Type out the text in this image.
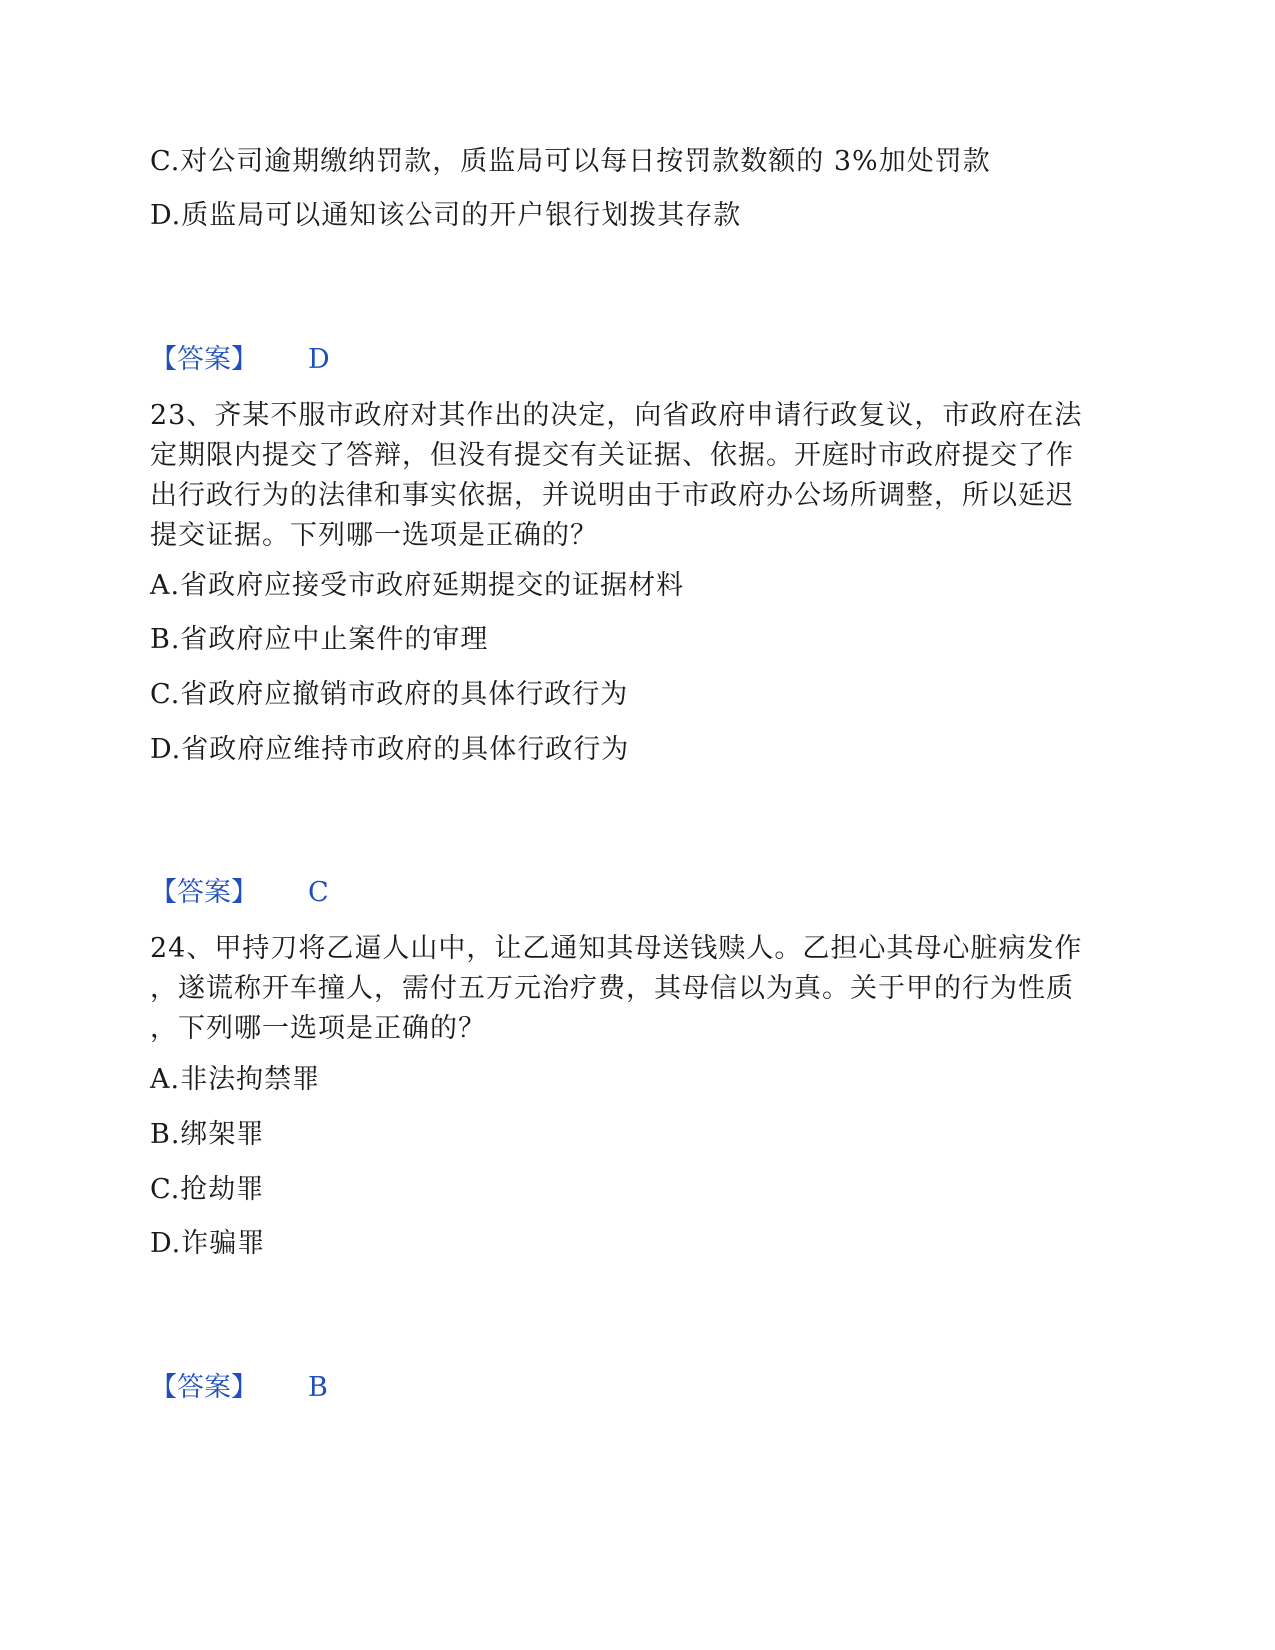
C.对公司逾期缴纳罚款，质监局可以每日按罚款数额的 3%加处罚款
D.质监局可以通知该公司的开户银行划拨其存款
【答案】 D
23、齐某不服市政府对其作出的决定，向省政府申请行政复议，市政府在法
定期限内提交了答辩，但没有提交有关证据、依据。开庭时市政府提交了作
出行政行为的法律和事实依据，并说明由于市政府办公场所调整，所以延迟
提交证据。下列哪一选项是正确的？
A.省政府应接受市政府延期提交的证据材料
B.省政府应中止案件的审理
C.省政府应撤销市政府的具体行政行为
D.省政府应维持市政府的具体行政行为
【答案】 C
24、甲持刀将乙逼人山中，让乙通知其母送钱赎人。乙担心其母心脏病发作
，遂谎称开车撞人，需付五万元治疗费，其母信以为真。关于甲的行为性质
，下列哪一选项是正确的？
A.非法拘禁罪
B.绑架罪
C.抢劫罪
D.诈骗罪
【答案】 B
